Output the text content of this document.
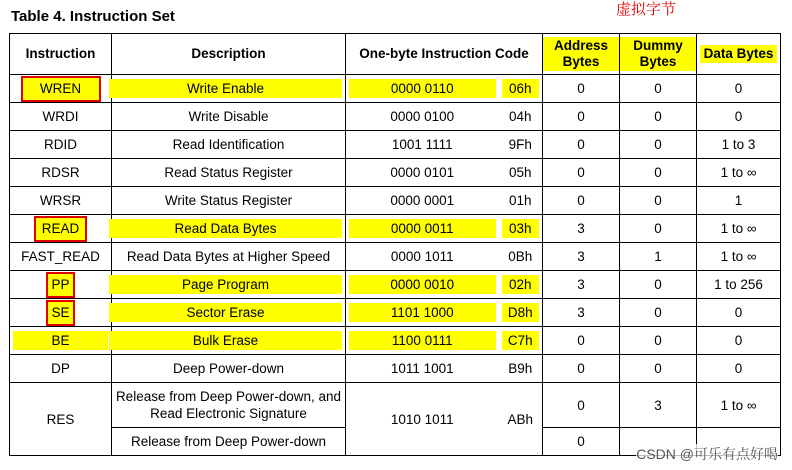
Table 4. Instruction Set	虚拟字节
Instruction	Description	One-byte Instruction Code		Address Bytes	Dummy Bytes	Data Bytes
WREN	Write Enable	0000 0110	06h	0	0	0
WRDI	Write Disable	0000 0100	04h	0	0	0
RDID	Read Identification	1001 1111	9Fh	0	0	1 to 3
RDSR	Read Status Register	0000 0101	05h	0	0	1 to ∞
WRSR	Write Status Register	0000 0001	01h	0	0	1
READ	Read Data Bytes	0000 0011	03h	3	0	1 to ∞
FAST_READ	Read Data Bytes at Higher Speed	0000 1011	0Bh	3	1	1 to ∞
PP	Page Program	0000 0010	02h	3	0	1 to 256
SE	Sector Erase	1101 1000	D8h	3	0	0

BE	Bulk Erase	1100 0111	C7h	0	0	0
DP	Deep Power-down	1011 1001	B9h	0	0	0
RES	Release from Deep Power-down, and Read Electronic Signature	1010 1011	ABh	0	3	1 to ∞
	Release from Deep Power-down			0		
CSDN @可乐有点好喝
